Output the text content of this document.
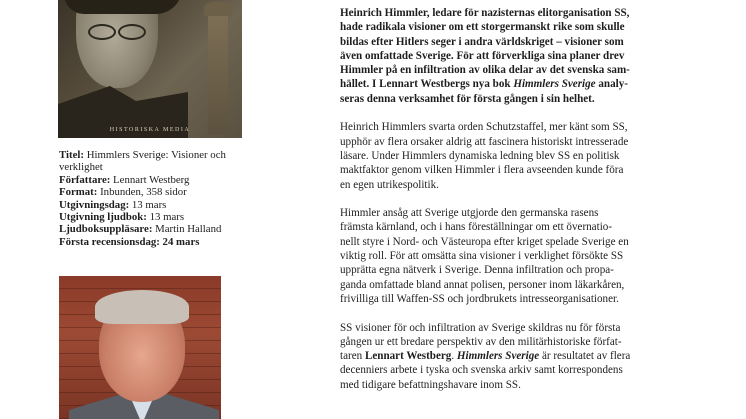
HISTORISKA MEDIA
Titel: Himmlers Sverige: Visioner och
verklighet
Författare: Lennart Westberg
Format: Inbunden, 358 sidor
Utgivningsdag: 13 mars
Utgivning ljudbok: 13 mars
Ljudboksuppläsare: Martin Halland
Första recensionsdag: 24 mars

Heinrich Himmler, ledare för nazisternas elitorganisation SS,
hade radikala visioner om ett storgermanskt rike som skulle
bildas efter Hitlers seger i andra världskriget – visioner som
även omfattade Sverige. För att förverkliga sina planer drev
Himmler på en infiltration av olika delar av det svenska sam-
hället. I Lennart Westbergs nya bok Himmlers Sverige analy-
seras denna verksamhet för första gången i sin helhet.

Heinrich Himmlers svarta orden Schutzstaffel, mer känt som SS,
upphör av flera orsaker aldrig att fascinera historiskt intresserade
läsare. Under Himmlers dynamiska ledning blev SS en politisk
maktfaktor genom vilken Himmler i flera avseenden kunde föra
en egen utrikespolitik.

Himmler ansåg att Sverige utgjorde den germanska rasens
främsta kärnland, och i hans föreställningar om ett övernatio-
nellt styre i Nord- och Västeuropa efter kriget spelade Sverige en
viktig roll. För att omsätta sina visioner i verklighet försökte SS
upprätta egna nätverk i Sverige. Denna infiltration och propa-
ganda omfattade bland annat polisen, personer inom läkarkåren,
frivilliga till Waffen-SS och jordbrukets intresseorganisationer.

SS visioner för och infiltration av Sverige skildras nu för första
gången ur ett bredare perspektiv av den militärhistoriske förfat-
taren Lennart Westberg. Himmlers Sverige är resultatet av flera
decenniers arbete i tyska och svenska arkiv samt korrespondens
med tidigare befattningshavare inom SS.
